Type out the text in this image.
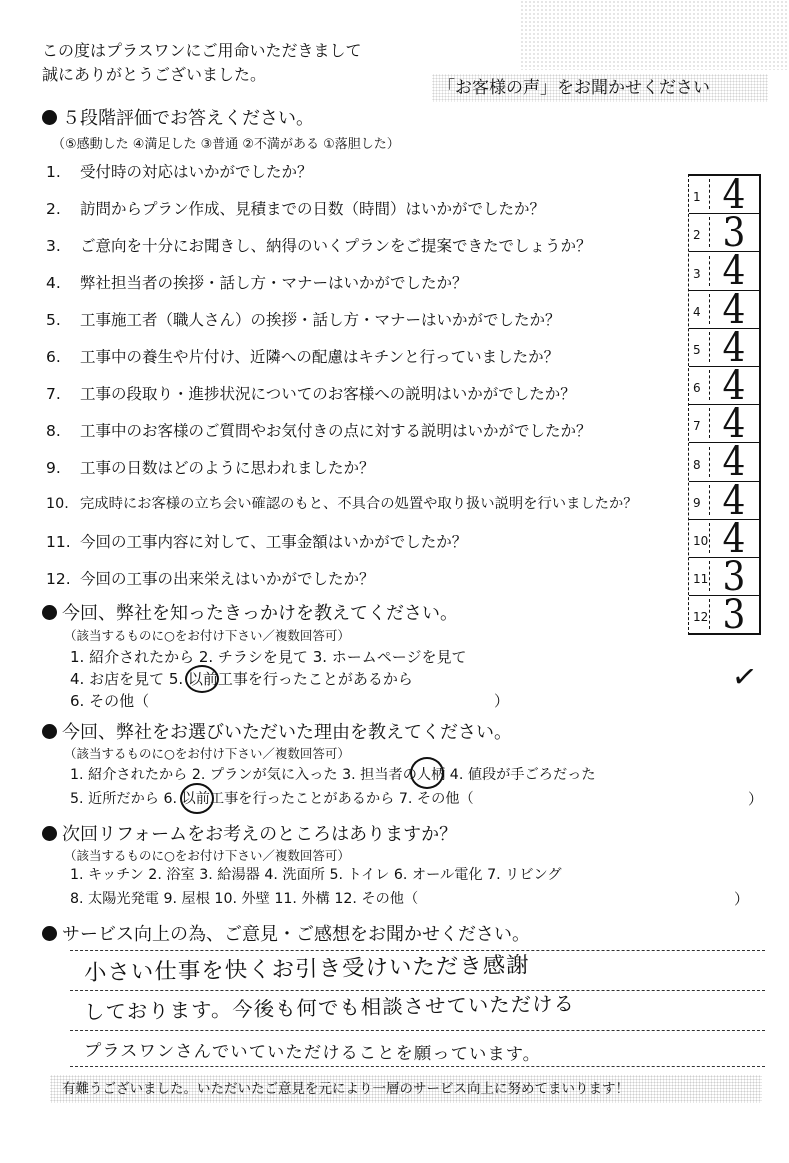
この度はプラスワンにご用命いただきまして
誠にありがとうございました。
「お客様の声」をお聞かせください
５段階評価でお答えください。
（⑤感動した ④満足した ③普通 ②不満がある ①落胆した）
1. 受付時の対応はいかがでしたか？
2. 訪問からプラン作成、見積までの日数（時間）はいかがでしたか？
3. ご意向を十分にお聞きし、納得のいくプランをご提案できたでしょうか？
4. 弊社担当者の挨拶・話し方・マナーはいかがでしたか？
5. 工事施工者（職人さん）の挨拶・話し方・マナーはいかがでしたか？
6. 工事中の養生や片付け、近隣への配慮はキチンと行っていましたか？
7. 工事の段取り・進捗状況についてのお客様への説明はいかがでしたか？
8. 工事中のお客様のご質問やお気付きの点に対する説明はいかがでしたか？
9. 工事の日数はどのように思われましたか？
10. 完成時にお客様の立ち会い確認のもと、不具合の処置や取り扱い説明を行いましたか？
11. 今回の工事内容に対して、工事金額はいかがでしたか？
12. 今回の工事の出来栄えはいかがでしたか？
1 4
2 3
3 4
4 4
5 4
6 4
7 4
8 4
9 4
10 4
11 3
12 3
✓
今回、弊社を知ったきっかけを教えてください。
（該当するものに○をお付け下さい／複数回答可）
1. 紹介されたから 2. チラシを見て 3. ホームページを見て
4. お店を見て 5. 以前工事を行ったことがあるから
6. その他（	）
今回、弊社をお選びいただいた理由を教えてください。
（該当するものに○をお付け下さい／複数回答可）
1. 紹介されたから 2. プランが気に入った 3. 担当者の人柄 4. 値段が手ごろだった
5. 近所だから 6. 以前工事を行ったことがあるから 7. その他（	）
次回リフォームをお考えのところはありますか？
（該当するものに○をお付け下さい／複数回答可）
1. キッチン 2. 浴室 3. 給湯器 4. 洗面所 5. トイレ 6. オール電化 7. リビング
8. 太陽光発電 9. 屋根 10. 外壁 11. 外構 12. その他（	）
サービス向上の為、ご意見・ご感想をお聞かせください。
小さい仕事を快くお引き受けいただき感謝
しております。今後も何でも相談させていただける
プラスワンさんでいていただけることを願っています。
有難うございました。いただいたご意見を元により一層のサービス向上に努めてまいります！
